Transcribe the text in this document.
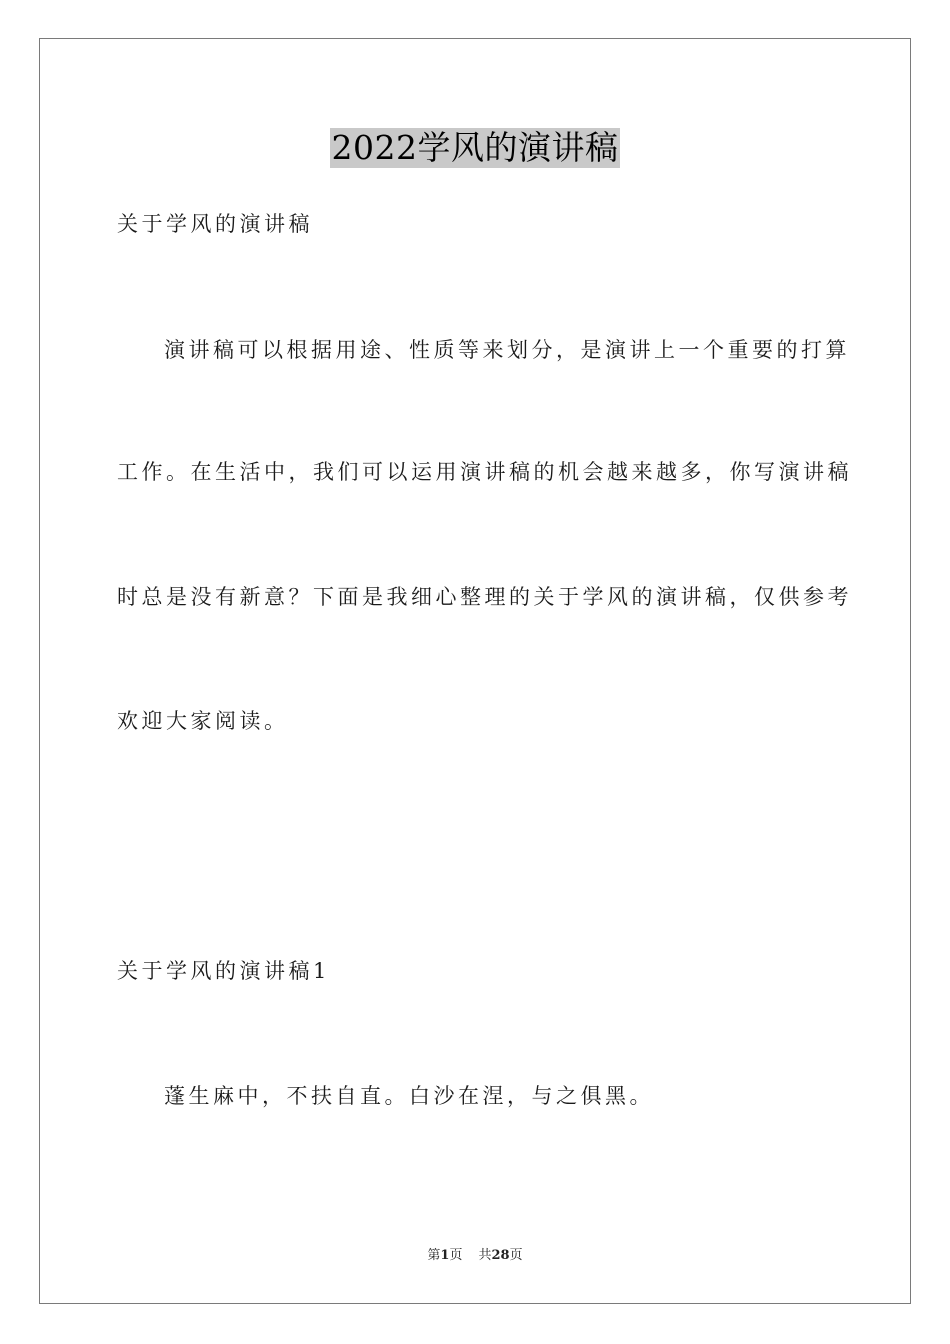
2022学风的演讲稿
关于学风的演讲稿
演讲稿可以根据用途、性质等来划分，是演讲上一个重要的打算
工作。在生活中，我们可以运用演讲稿的机会越来越多，你写演讲稿
时总是没有新意？下面是我细心整理的关于学风的演讲稿，仅供参考
欢迎大家阅读。
关于学风的演讲稿1
蓬生麻中，不扶自直。白沙在涅，与之俱黑。
第1页 共28页
